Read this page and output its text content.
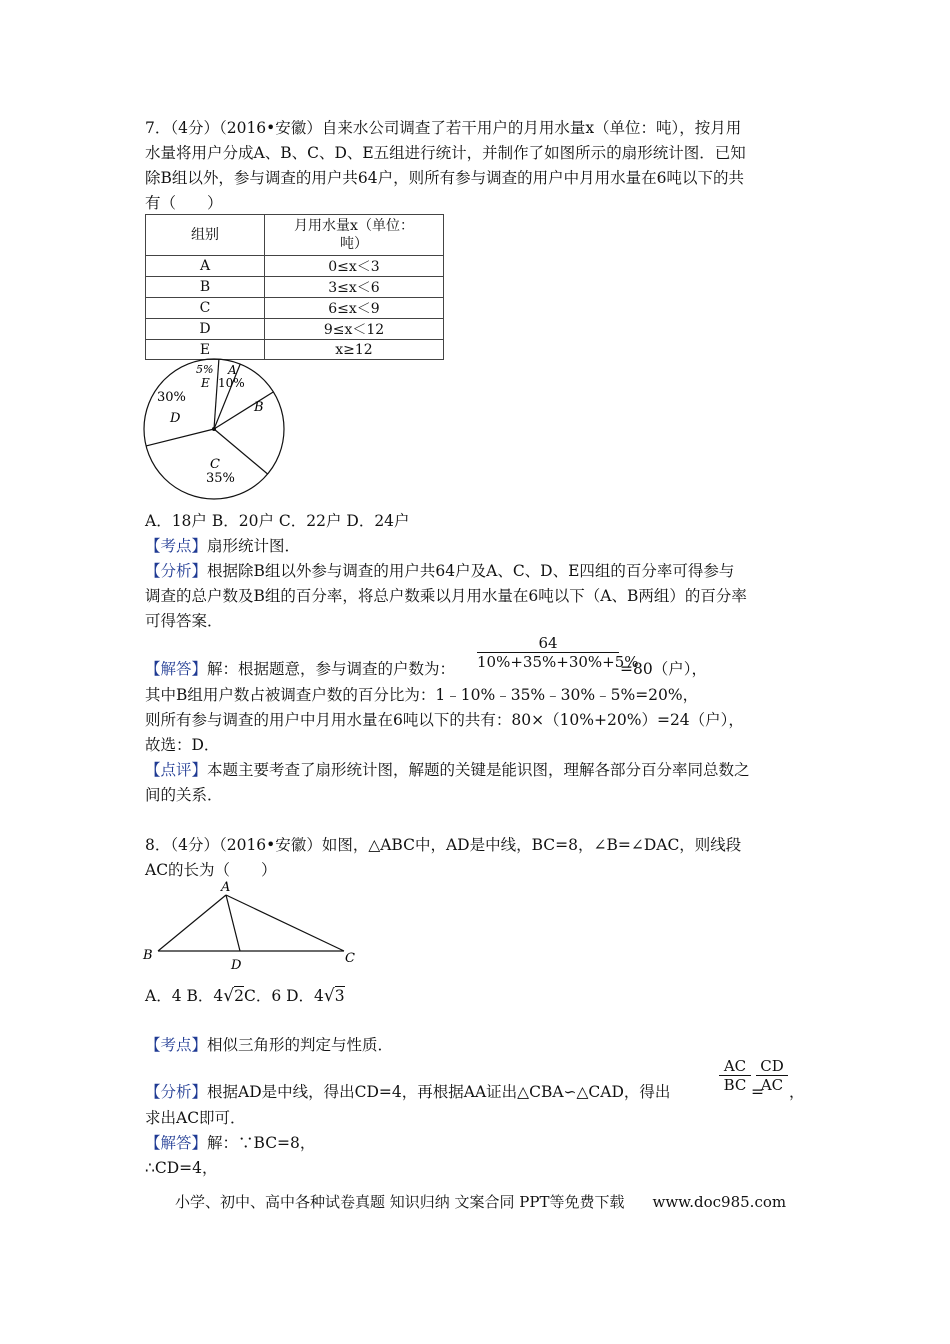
7．（4分）（2016•安徽）自来水公司调查了若干用户的月用水量x（单位：吨），按月用
水量将用户分成A、B、C、D、E五组进行统计，并制作了如图所示的扇形统计图．已知
除B组以外，参与调查的用户共64户，则所有参与调查的用户中月用水量在6吨以下的共
有（　　）
组别	月用水量x（单位：
吨）
A	0≤x＜3
B	3≤x＜6
C	6≤x＜9
D	9≤x＜12
E	x≥12
5%
E
A
10%
B
30%
D
C
35%
A．18户 B．20户 C．22户 D．24户
【考点】扇形统计图．
【分析】根据除B组以外参与调查的用户共64户及A、C、D、E四组的百分率可得参与
调查的总户数及B组的百分率，将总户数乘以月用水量在6吨以下（A、B两组）的百分率
可得答案．
【解答】解：根据题意，参与调查的户数为： $\frac{64}{10\%+35\%+30\%+5\%} =80$（户），
其中B组用户数占被调查户数的百分比为：1﹣10%﹣35%﹣30%﹣5%=20%，
则所有参与调查的用户中月用水量在6吨以下的共有：80×（10%+20%）=24（户），
故选：D．
【点评】本题主要考查了扇形统计图，解题的关键是能识图，理解各部分百分率同总数之
间的关系．
8．（4分）（2016•安徽）如图，△ABC中，AD是中线，BC=8，∠B=∠DAC，则线段
AC的长为（　　）
A
B	C
D
A．4 B．4√2C．6 D．4√3
【考点】相似三角形的判定与性质．
【分析】根据AD是中线，得出CD=4，再根据AA证出△CBA∽△CAD，得出	$\frac{AC}{BC}$ =
$\frac{CD}{AC}$ ，
求出AC即可．
【解答】解：∵BC=8，
∴CD=4，
小学、初中、高中各种试卷真题 知识归纳 文案合同 PPT等免费下载 www.doc985.com
